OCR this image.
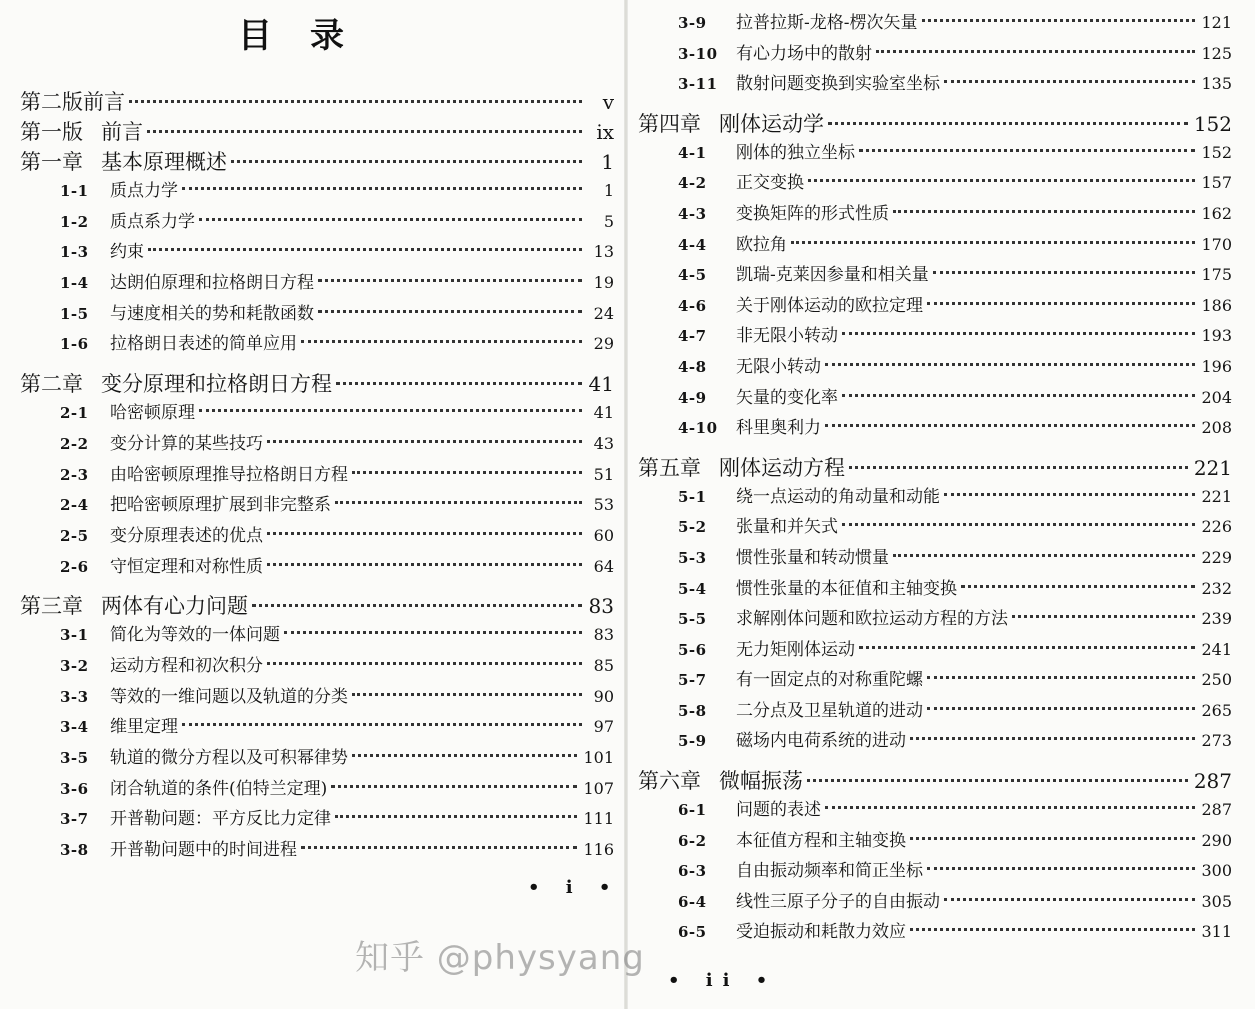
目　录
第二版前言	v
第一版 前言	ix
第一章 基本原理概述	1
1-1	质点力学	1
1-2	质点系力学	5
1-3	约束	13
1-4	达朗伯原理和拉格朗日方程	19
1-5	与速度相关的势和耗散函数	24
1-6	拉格朗日表述的简单应用	29
第二章 变分原理和拉格朗日方程	41
2-1	哈密顿原理	41
2-2	变分计算的某些技巧	43
2-3	由哈密顿原理推导拉格朗日方程	51
2-4	把哈密顿原理扩展到非完整系	53
2-5	变分原理表述的优点	60
2-6	守恒定理和对称性质	64
第三章 两体有心力问题	83
3-1	简化为等效的一体问题	83
3-2	运动方程和初次积分	85
3-3	等效的一维问题以及轨道的分类	90
3-4	维里定理	97
3-5	轨道的微分方程以及可积幂律势	101
3-6	闭合轨道的条件(伯特兰定理)	107
3-7	开普勒问题：平方反比力定律	111
3-8	开普勒问题中的时间进程	116
• i •
3-9	拉普拉斯-龙格-楞次矢量	121
3-10	有心力场中的散射	125
3-11	散射问题变换到实验室坐标	135
第四章 刚体运动学	152
4-1	刚体的独立坐标	152
4-2	正交变换	157
4-3	变换矩阵的形式性质	162
4-4	欧拉角	170
4-5	凯瑞-克莱因参量和相关量	175
4-6	关于刚体运动的欧拉定理	186
4-7	非无限小转动	193
4-8	无限小转动	196
4-9	矢量的变化率	204
4-10	科里奥利力	208
第五章 刚体运动方程	221
5-1	绕一点运动的角动量和动能	221
5-2	张量和并矢式	226
5-3	惯性张量和转动惯量	229
5-4	惯性张量的本征值和主轴变换	232
5-5	求解刚体问题和欧拉运动方程的方法	239
5-6	无力矩刚体运动	241
5-7	有一固定点的对称重陀螺	250
5-8	二分点及卫星轨道的进动	265
5-9	磁场内电荷系统的进动	273
第六章 微幅振荡	287
6-1	问题的表述	287
6-2	本征值方程和主轴变换	290
6-3	自由振动频率和简正坐标	300
6-4	线性三原子分子的自由振动	305
6-5	受迫振动和耗散力效应	311
• ii •
知乎 @physyang
